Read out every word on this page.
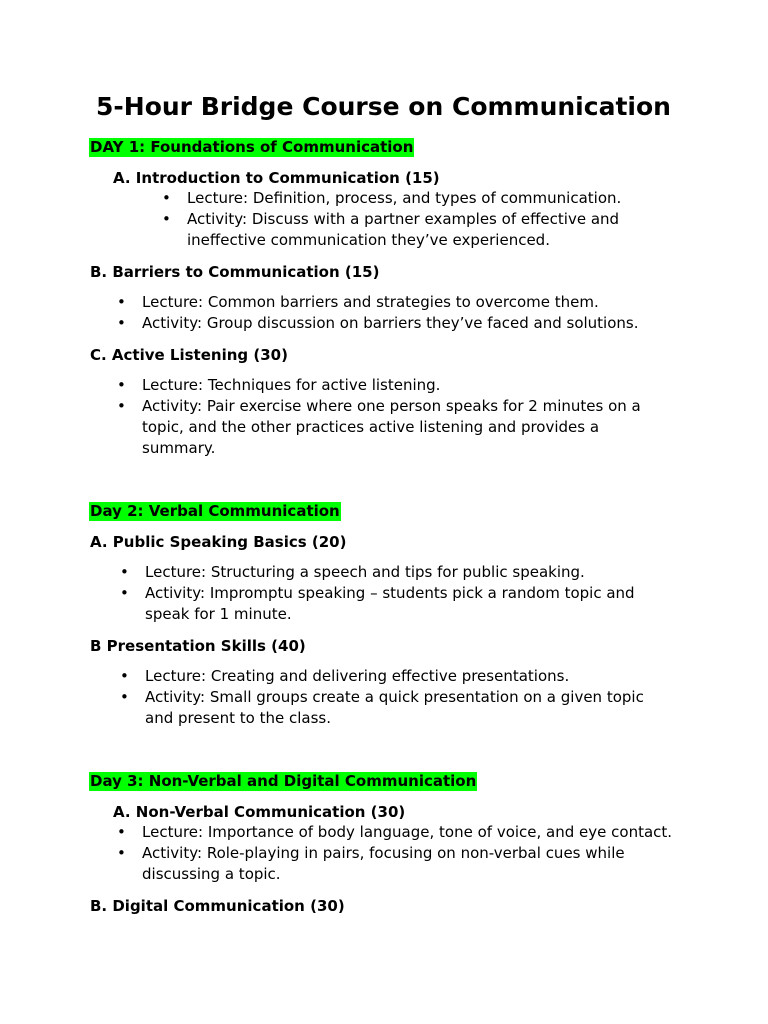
5-Hour Bridge Course on Communication
DAY 1: Foundations of Communication
A. Introduction to Communication (15)
• Lecture: Definition, process, and types of communication.
• Activity: Discuss with a partner examples of effective and
ineffective communication they’ve experienced.
B. Barriers to Communication (15)
• Lecture: Common barriers and strategies to overcome them.
• Activity: Group discussion on barriers they’ve faced and solutions.
C. Active Listening (30)
• Lecture: Techniques for active listening.
• Activity: Pair exercise where one person speaks for 2 minutes on a
topic, and the other practices active listening and provides a
summary.
Day 2: Verbal Communication
A. Public Speaking Basics (20)
• Lecture: Structuring a speech and tips for public speaking.
• Activity: Impromptu speaking – students pick a random topic and
speak for 1 minute.
B Presentation Skills (40)
• Lecture: Creating and delivering effective presentations.
• Activity: Small groups create a quick presentation on a given topic
and present to the class.
Day 3: Non-Verbal and Digital Communication
A. Non-Verbal Communication (30)
• Lecture: Importance of body language, tone of voice, and eye contact.
• Activity: Role-playing in pairs, focusing on non-verbal cues while
discussing a topic.
B. Digital Communication (30)
